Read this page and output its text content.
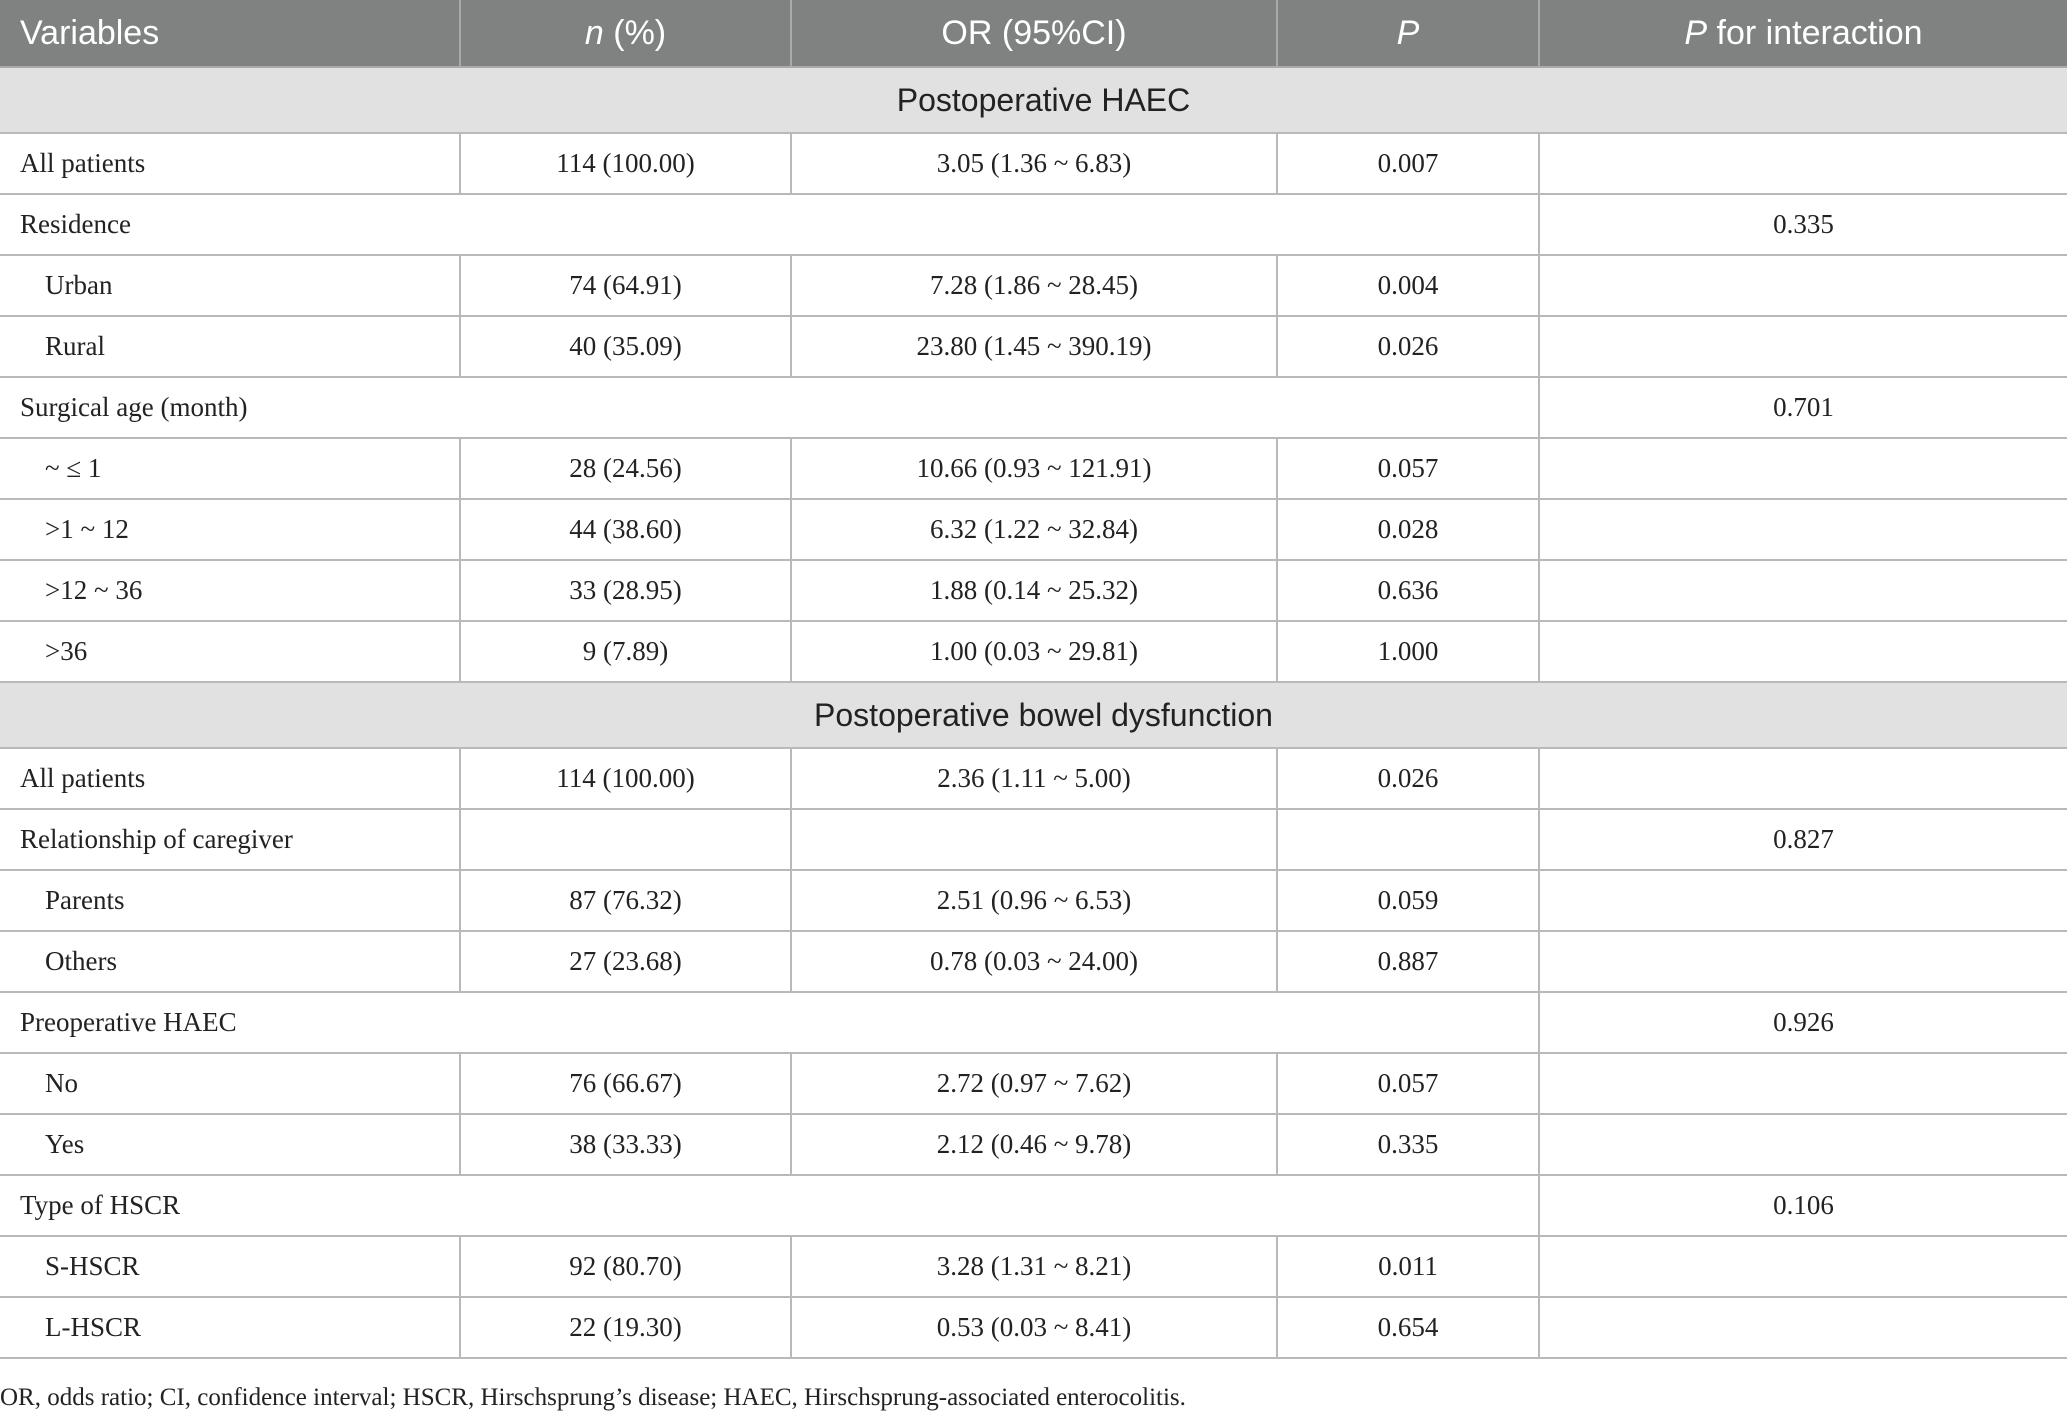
Variables	n (%)	OR (95%CI)	P	P for interaction
Postoperative HAEC				
All patients	114 (100.00)	3.05 (1.36 ~ 6.83)	0.007	
Residence				0.335
Urban	74 (64.91)	7.28 (1.86 ~ 28.45)	0.004	
Rural	40 (35.09)	23.80 (1.45 ~ 390.19)	0.026	
Surgical age (month)				0.701
~ ≤ 1	28 (24.56)	10.66 (0.93 ~ 121.91)	0.057	
>1 ~ 12	44 (38.60)	6.32 (1.22 ~ 32.84)	0.028	
>12 ~ 36	33 (28.95)	1.88 (0.14 ~ 25.32)	0.636	
>36	9 (7.89)	1.00 (0.03 ~ 29.81)	1.000	
Postoperative bowel dysfunction				
All patients	114 (100.00)	2.36 (1.11 ~ 5.00)	0.026	
Relationship of caregiver				0.827
Parents	87 (76.32)	2.51 (0.96 ~ 6.53)	0.059	
Others	27 (23.68)	0.78 (0.03 ~ 24.00)	0.887	
Preoperative HAEC				0.926
No	76 (66.67)	2.72 (0.97 ~ 7.62)	0.057	
Yes	38 (33.33)	2.12 (0.46 ~ 9.78)	0.335	
Type of HSCR				0.106
S-HSCR	92 (80.70)	3.28 (1.31 ~ 8.21)	0.011	
L-HSCR	22 (19.30)	0.53 (0.03 ~ 8.41)	0.654	
OR, odds ratio; CI, confidence interval; HSCR, Hirschsprung’s disease; HAEC, Hirschsprung-associated enterocolitis.
